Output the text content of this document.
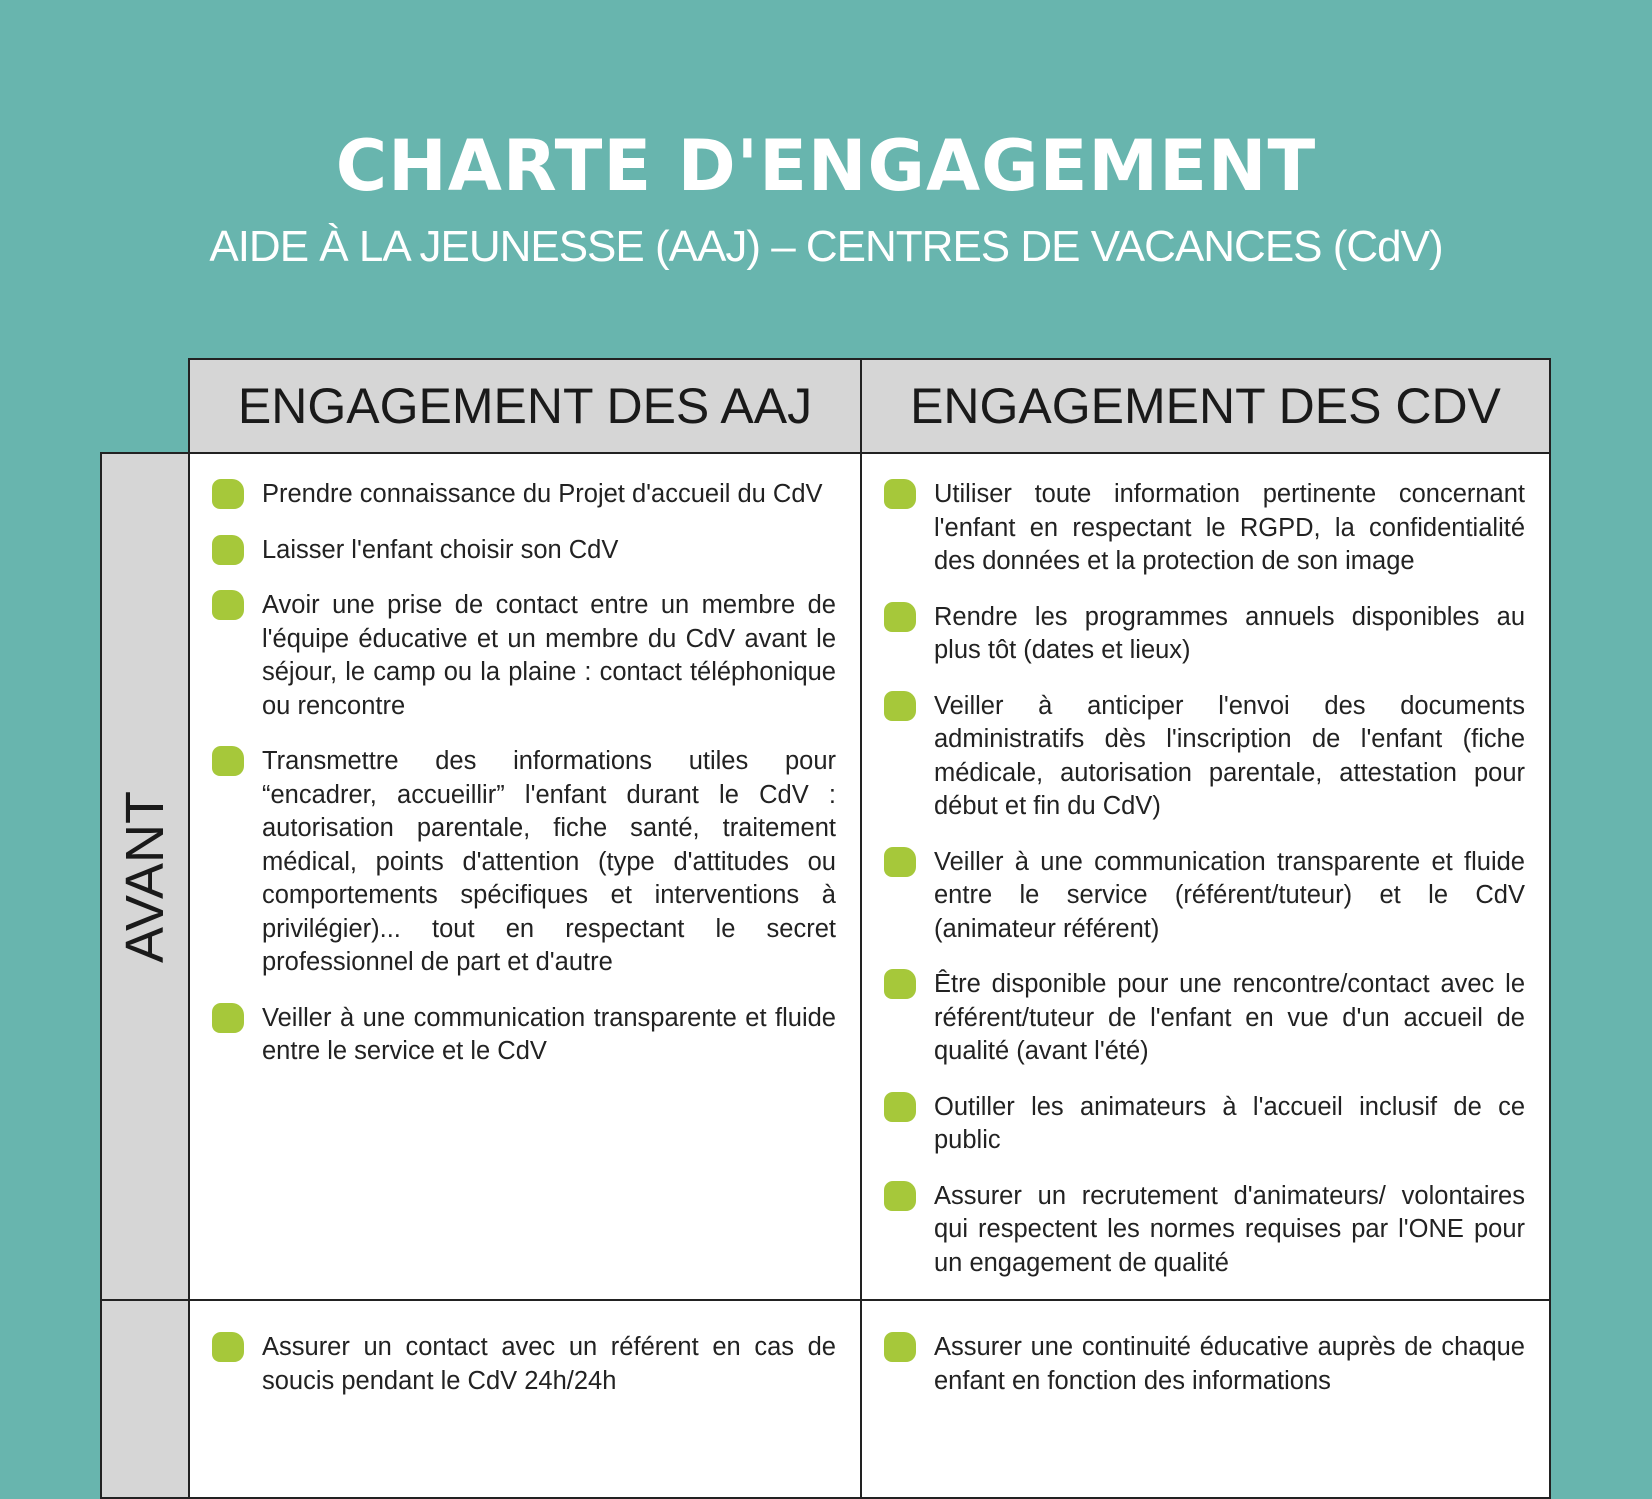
CHARTE D'ENGAGEMENT
AIDE À LA JEUNESSE (AAJ) – CENTRES DE VACANCES (CdV)
ENGAGEMENT DES AAJ	ENGAGEMENT DES CDV
AVANT
Prendre connaissance du Projet d'accueil du CdV
Laisser l'enfant choisir son CdV
Avoir une prise de contact entre un membre de l'équipe éducative et un membre du CdV avant le séjour, le camp ou la plaine : contact téléphonique ou rencontre
Transmettre des informations utiles pour “encadrer, accueillir” l'enfant durant le CdV : autorisation parentale, fiche santé, traitement médical, points d'attention (type d'attitudes ou comportements spécifiques et interventions à privilégier)... tout en respectant le secret professionnel de part et d'autre
Veiller à une communication transparente et fluide entre le service et le CdV
Utiliser toute information pertinente concernant l'enfant en respectant le RGPD, la confidentialité des données et la protection de son image
Rendre les programmes annuels disponibles au plus tôt (dates et lieux)
Veiller à anticiper l'envoi des documents administratifs dès l'inscription de l'enfant (fiche médicale, autorisation parentale, attestation pour début et fin du CdV)
Veiller à une communication transparente et fluide entre le service (référent/tuteur) et le CdV (animateur référent)
Être disponible pour une rencontre/contact avec le référent/tuteur de l'enfant en vue d'un accueil de qualité (avant l'été)
Outiller les animateurs à l'accueil inclusif de ce public
Assurer un recrutement d'animateurs/ volontaires qui respectent les normes requises par l'ONE pour un engagement de qualité
Assurer un contact avec un référent en cas de soucis pendant le CdV 24h/24h
Assurer une continuité éducative auprès de chaque enfant en fonction des informations
